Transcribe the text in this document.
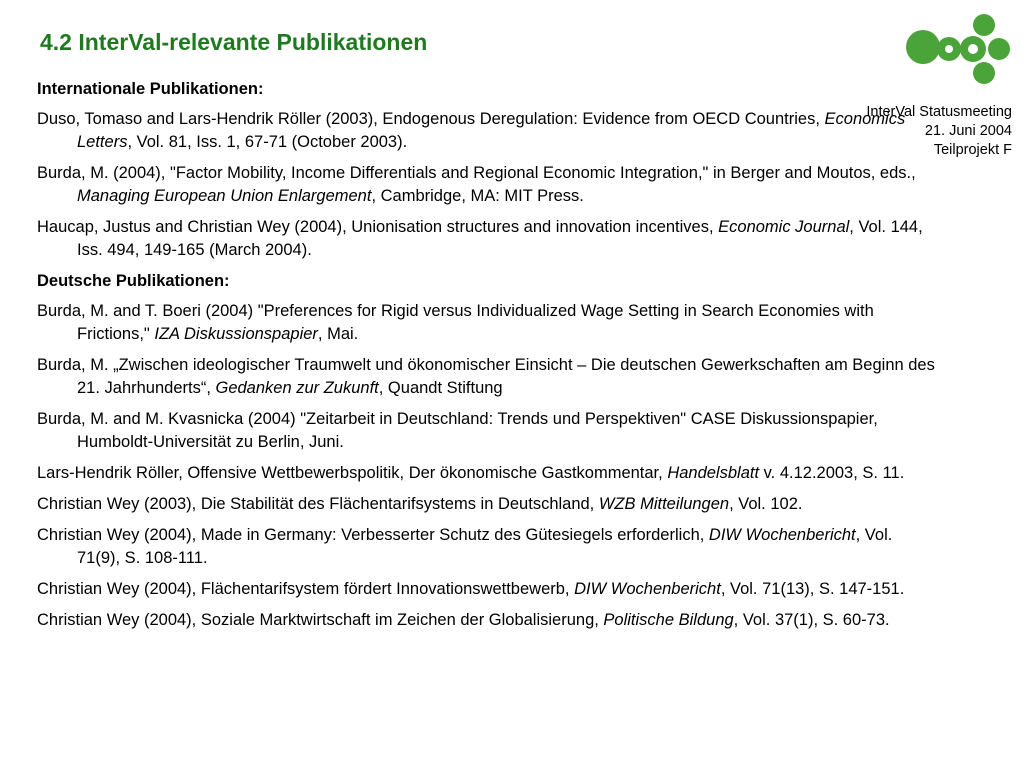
4.2 InterVal-relevante Publikationen
InterVal Statusmeeting
21. Juni 2004
Teilprojekt F
Internationale Publikationen:
Duso, Tomaso and Lars-Hendrik Röller (2003), Endogenous Deregulation: Evidence from OECD Countries, Economics Letters, Vol. 81, Iss. 1, 67-71 (October 2003).
Burda, M. (2004), "Factor Mobility, Income Differentials and Regional Economic Integration," in Berger and Moutos, eds., Managing European Union Enlargement, Cambridge, MA: MIT Press.
Haucap, Justus and Christian Wey (2004), Unionisation structures and innovation incentives, Economic Journal, Vol. 144, Iss. 494, 149-165 (March 2004).
Deutsche Publikationen:
Burda, M. and T. Boeri (2004) "Preferences for Rigid versus Individualized Wage Setting in Search Economies with Frictions," IZA Diskussionspapier, Mai.
Burda, M. „Zwischen ideologischer Traumwelt und ökonomischer Einsicht – Die deutschen Gewerkschaften am Beginn des 21. Jahrhunderts“, Gedanken zur Zukunft, Quandt Stiftung
Burda, M. and M. Kvasnicka (2004) "Zeitarbeit in Deutschland: Trends und Perspektiven" CASE Diskussionspapier, Humboldt-Universität zu Berlin, Juni.
Lars-Hendrik Röller, Offensive Wettbewerbspolitik, Der ökonomische Gastkommentar, Handelsblatt v. 4.12.2003, S. 11.
Christian Wey (2003), Die Stabilität des Flächentarifsystems in Deutschland, WZB Mitteilungen, Vol. 102.
Christian Wey (2004), Made in Germany: Verbesserter Schutz des Gütesiegels erforderlich, DIW Wochenbericht, Vol. 71(9), S. 108-111.
Christian Wey (2004), Flächentarifsystem fördert Innovationswettbewerb, DIW Wochenbericht, Vol. 71(13), S. 147-151.
Christian Wey (2004), Soziale Marktwirtschaft im Zeichen der Globalisierung, Politische Bildung, Vol. 37(1), S. 60-73.
